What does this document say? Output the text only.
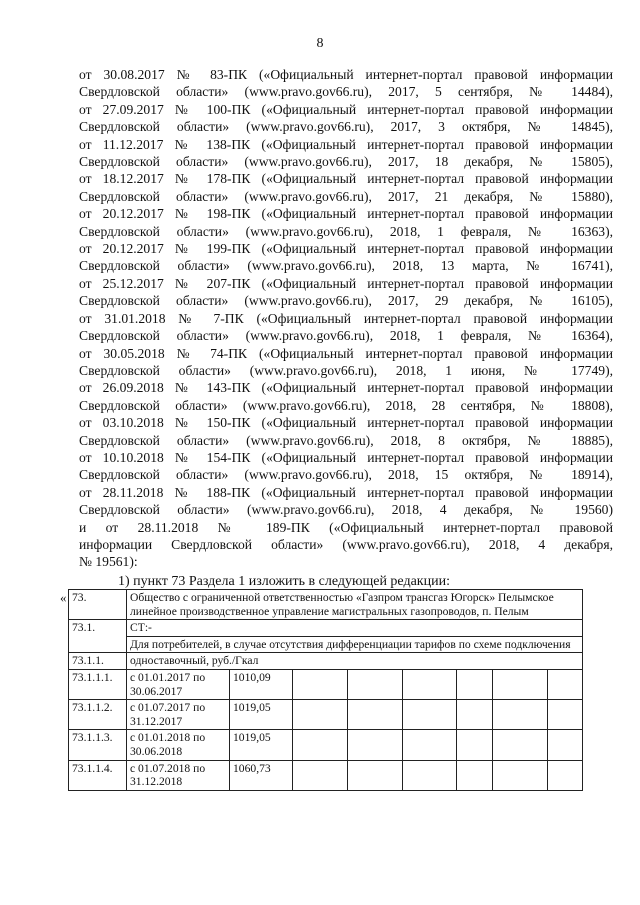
8
от 30.08.2017 № 83-ПК («Официальный интернет-портал правовой информации
Свердловской области» (www.pravo.gov66.ru), 2017, 5 сентября, № 14484),
от 27.09.2017 № 100-ПК («Официальный интернет-портал правовой информации
Свердловской области» (www.pravo.gov66.ru), 2017, 3 октября, № 14845),
от 11.12.2017 № 138-ПК («Официальный интернет-портал правовой информации
Свердловской области» (www.pravo.gov66.ru), 2017, 18 декабря, № 15805),
от 18.12.2017 № 178-ПК («Официальный интернет-портал правовой информации
Свердловской области» (www.pravo.gov66.ru), 2017, 21 декабря, № 15880),
от 20.12.2017 № 198-ПК («Официальный интернет-портал правовой информации
Свердловской области» (www.pravo.gov66.ru), 2018, 1 февраля, № 16363),
от 20.12.2017 № 199-ПК («Официальный интернет-портал правовой информации
Свердловской области» (www.pravo.gov66.ru), 2018, 13 марта, № 16741),
от 25.12.2017 № 207-ПК («Официальный интернет-портал правовой информации
Свердловской области» (www.pravo.gov66.ru), 2017, 29 декабря, № 16105),
от 31.01.2018 № 7-ПК («Официальный интернет-портал правовой информации
Свердловской области» (www.pravo.gov66.ru), 2018, 1 февраля, № 16364),
от 30.05.2018 № 74-ПК («Официальный интернет-портал правовой информации
Свердловской области» (www.pravo.gov66.ru), 2018, 1 июня, № 17749),
от 26.09.2018 № 143-ПК («Официальный интернет-портал правовой информации
Свердловской области» (www.pravo.gov66.ru), 2018, 28 сентября, № 18808),
от 03.10.2018 № 150-ПК («Официальный интернет-портал правовой информации
Свердловской области» (www.pravo.gov66.ru), 2018, 8 октября, № 18885),
от 10.10.2018 № 154-ПК («Официальный интернет-портал правовой информации
Свердловской области» (www.pravo.gov66.ru), 2018, 15 октября, № 18914),
от 28.11.2018 № 188-ПК («Официальный интернет-портал правовой информации
Свердловской области» (www.pravo.gov66.ru), 2018, 4 декабря, № 19560)
и от 28.11.2018 № 189-ПК («Официальный интернет-портал правовой
информации Свердловской области» (www.pravo.gov66.ru), 2018, 4 декабря,
№ 19561):
1) пункт 73 Раздела 1 изложить в следующей редакции:
« 73.	Общество с ограниченной ответственностью «Газпром трансгаз Югорск» Пелымское линейное производственное управление магистральных газопроводов, п. Пелым							
73.1.	СТ:-							
	Для потребителей, в случае отсутствия дифференциации тарифов по схеме подключения							
73.1.1.	одноставочный, руб./Гкал							
73.1.1.1.	с 01.01.2017 по 30.06.2017	1010,09						
73.1.1.2.	с 01.07.2017 по 31.12.2017	1019,05						
73.1.1.3.	с 01.01.2018 по 30.06.2018	1019,05						
73.1.1.4.	с 01.07.2018 по 31.12.2018	1060,73						
